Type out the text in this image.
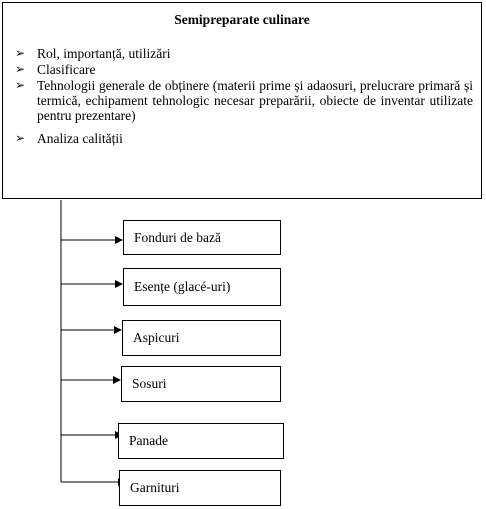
Semipreparate culinare
➢ Rol, importanță, utilizări
➢ Clasificare
➢ Tehnologii generale de obținere (materii prime și adaosuri, prelucrare primară și termică, echipament tehnologic necesar preparării, obiecte de inventar utilizate pentru prezentare)
➢ Analiza calității
Fonduri de bază
Esențe (glacé-uri)
Aspicuri
Sosuri
Panade
Garnituri
